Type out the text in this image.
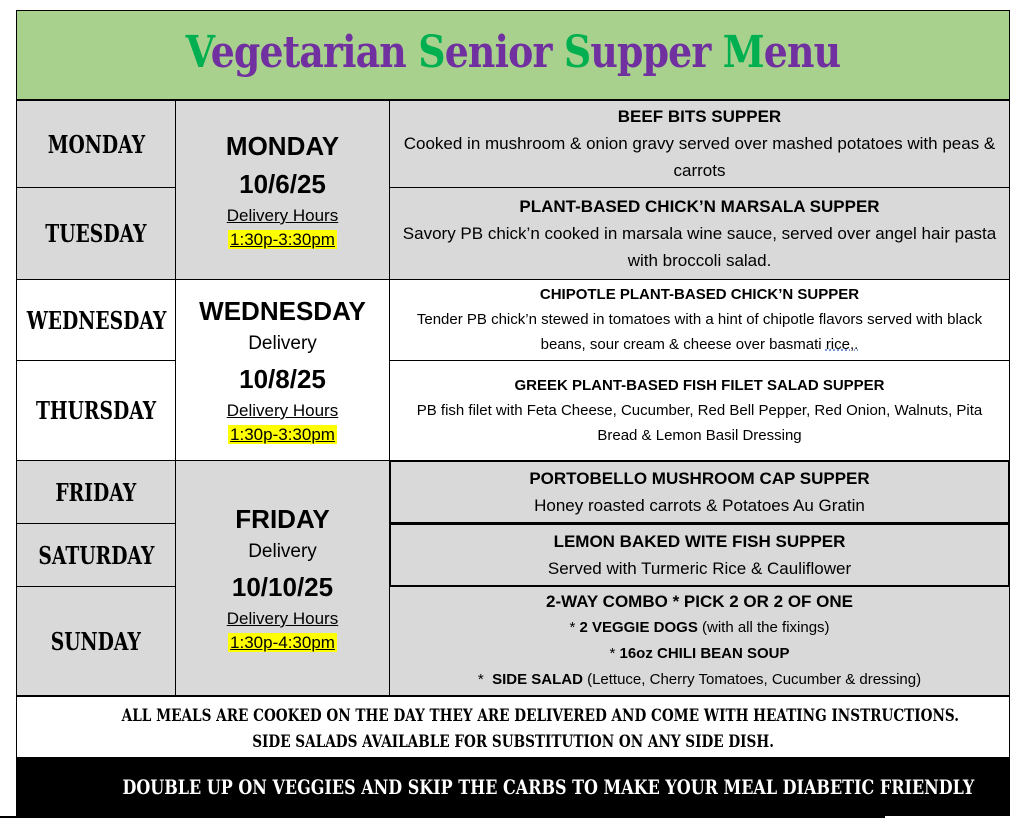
Vegetarian Senior Supper Menu
MONDAY
TUESDAY
WEDNESDAY
THURSDAY
FRIDAY
SATURDAY
SUNDAY
MONDAY
10/6/25
Delivery Hours
1:30p-3:30pm
WEDNESDAY
Delivery
10/8/25
Delivery Hours
1:30p-3:30pm
FRIDAY
Delivery
10/10/25
Delivery Hours
1:30p-4:30pm
BEEF BITS SUPPER
Cooked in mushroom & onion gravy served over mashed potatoes with peas & carrots
PLANT-BASED CHICK’N MARSALA SUPPER
Savory PB chick’n cooked in marsala wine sauce, served over angel hair pasta with broccoli salad.
CHIPOTLE PLANT-BASED CHICK’N SUPPER
Tender PB chick’n stewed in tomatoes with a hint of chipotle flavors served with black beans, sour cream & cheese over basmati rice,.
GREEK PLANT-BASED FISH FILET SALAD SUPPER
PB fish filet with Feta Cheese, Cucumber, Red Bell Pepper, Red Onion, Walnuts, Pita Bread & Lemon Basil Dressing
PORTOBELLO MUSHROOM CAP SUPPER
Honey roasted carrots & Potatoes Au Gratin
LEMON BAKED WITE FISH SUPPER
Served with Turmeric Rice & Cauliflower
2-WAY COMBO * PICK 2 OR 2 OF ONE
* 2 VEGGIE DOGS (with all the fixings)
* 16oz CHILI BEAN SOUP
*  SIDE SALAD (Lettuce, Cherry Tomatoes, Cucumber & dressing)
ALL MEALS ARE COOKED ON THE DAY THEY ARE DELIVERED AND COME WITH HEATING INSTRUCTIONS.
SIDE SALADS AVAILABLE FOR SUBSTITUTION ON ANY SIDE DISH.
DOUBLE UP ON VEGGIES AND SKIP THE CARBS TO MAKE YOUR MEAL DIABETIC FRIENDLY
